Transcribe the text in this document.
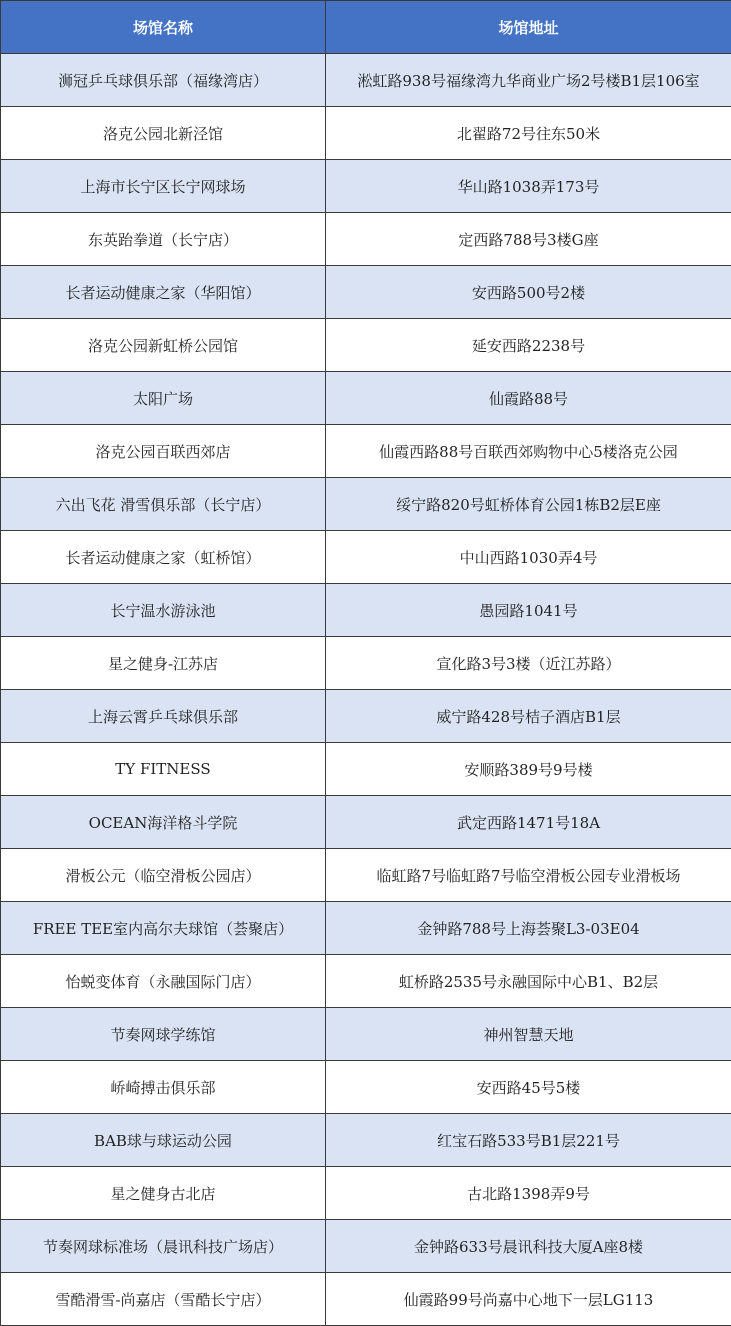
场馆名称	场馆地址
浉冠乒乓球俱乐部（福缘湾店）	淞虹路938号福缘湾九华商业广场2号楼B1层106室
洛克公园北新泾馆	北翟路72号往东50米
上海市长宁区长宁网球场	华山路1038弄173号
东英跆拳道（长宁店）	定西路788号3楼G座
长者运动健康之家（华阳馆）	安西路500号2楼
洛克公园新虹桥公园馆	延安西路2238号
太阳广场	仙霞路88号
洛克公园百联西郊店	仙霞西路88号百联西郊购物中心5楼洛克公园
六出飞花 滑雪俱乐部（长宁店）	绥宁路820号虹桥体育公园1栋B2层E座
长者运动健康之家（虹桥馆）	中山西路1030弄4号
长宁温水游泳池	愚园路1041号
星之健身-江苏店	宣化路3号3楼（近江苏路）
上海云霄乒乓球俱乐部	威宁路428号桔子酒店B1层
TY FITNESS	安顺路389号9号楼
OCEAN海洋格斗学院	武定西路1471号18A
滑板公元（临空滑板公园店）	临虹路7号临虹路7号临空滑板公园专业滑板场
FREE TEE室内高尔夫球馆（荟聚店）	金钟路788号上海荟聚L3-03E04
怡蜕变体育（永融国际门店）	虹桥路2535号永融国际中心B1、B2层
节奏网球学练馆	神州智慧天地
峤崎搏击俱乐部	安西路45号5楼
BAB球与球运动公园	红宝石路533号B1层221号
星之健身古北店	古北路1398弄9号
节奏网球标准场（晨讯科技广场店）	金钟路633号晨讯科技大厦A座8楼
雪酷滑雪-尚嘉店（雪酷长宁店）	仙霞路99号尚嘉中心地下一层LG113
